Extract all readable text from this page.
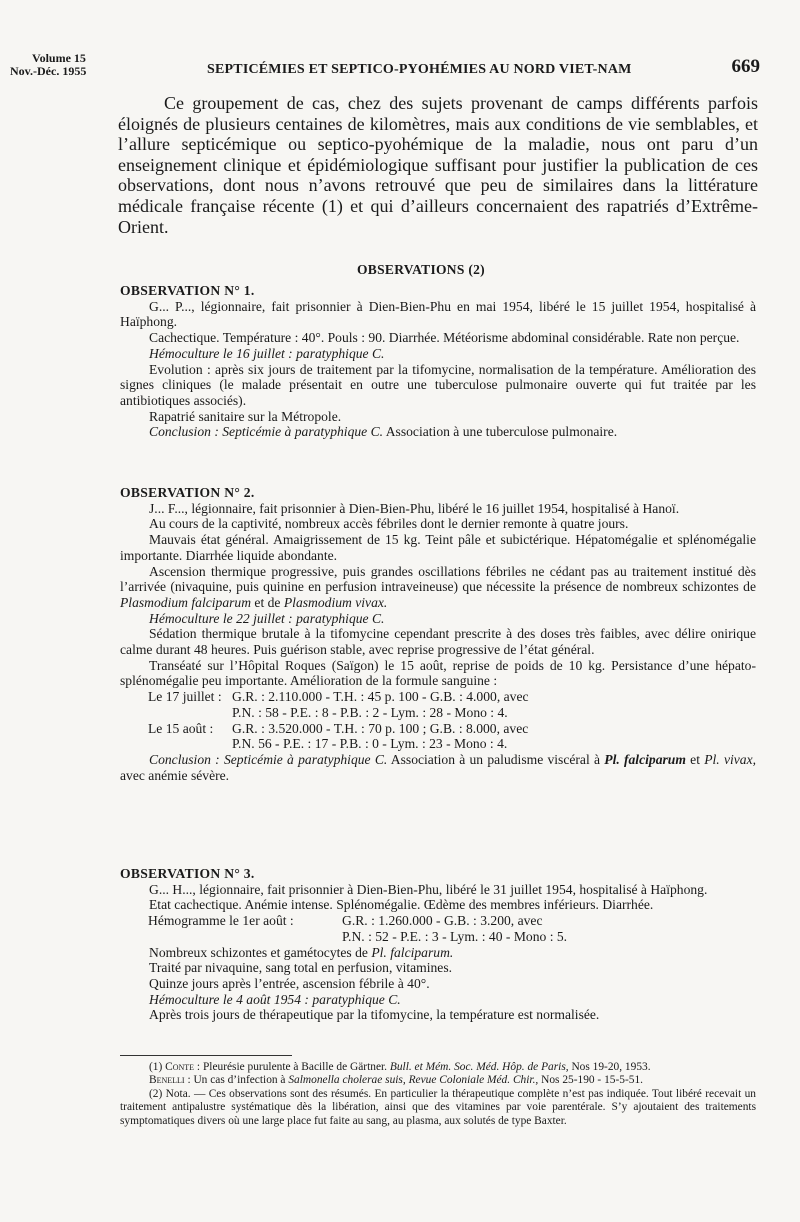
Volume 15
Nov.-Déc. 1955	SEPTICÉMIES ET SEPTICO-PYOHÉMIES AU NORD VIET-NAM	669

Ce groupement de cas, chez des sujets provenant de camps différents parfois éloignés de plusieurs centaines de kilomètres, mais aux conditions de vie semblables, et l’allure septicémique ou septico-pyohémique de la maladie, nous ont paru d’un enseignement clinique et épidémiologique suffisant pour justifier la publication de ces observations, dont nous n’avons retrouvé que peu de similaires dans la littérature médicale française récente (1) et qui d’ailleurs concernaient des rapatriés d’Extrême-Orient.

OBSERVATIONS (2)

OBSERVATION N° 1.

G... P..., légionnaire, fait prisonnier à Dien-Bien-Phu en mai 1954, libéré le 15 juillet 1954, hospitalisé à Haïphong.

Cachectique. Température : 40°. Pouls : 90. Diarrhée. Météorisme abdominal considérable. Rate non perçue.

Hémoculture le 16 juillet : paratyphique C.

Evolution : après six jours de traitement par la tifomycine, normalisation de la température. Amélioration des signes cliniques (le malade présentait en outre une tuberculose pulmonaire ouverte qui fut traitée par les antibiotiques associés).

Rapatrié sanitaire sur la Métropole.

Conclusion : Septicémie à paratyphique C. Association à une tuberculose pulmonaire.

OBSERVATION N° 2.

J... F..., légionnaire, fait prisonnier à Dien-Bien-Phu, libéré le 16 juillet 1954, hospitalisé à Hanoï.

Au cours de la captivité, nombreux accès fébriles dont le dernier remonte à quatre jours.

Mauvais état général. Amaigrissement de 15 kg. Teint pâle et subictérique. Hépatomégalie et splénomégalie importante. Diarrhée liquide abondante.

Ascension thermique progressive, puis grandes oscillations fébriles ne cédant pas au traitement institué dès l’arrivée (nivaquine, puis quinine en perfusion intraveineuse) que nécessite la présence de nombreux schizontes de Plasmodium falciparum et de Plasmodium vivax.

Hémoculture le 22 juillet : paratyphique C.

Sédation thermique brutale à la tifomycine cependant prescrite à des doses très faibles, avec délire onirique calme durant 48 heures. Puis guérison stable, avec reprise progressive de l’état général.

Transéaté sur l’Hôpital Roques (Saïgon) le 15 août, reprise de poids de 10 kg. Persistance d’une hépato-splénomégalie peu importante. Amélioration de la formule sanguine :

Le 17 juillet : G.R. : 2.110.000 - T.H. : 45 p. 100 - G.B. : 4.000, avec
P.N. : 58 - P.E. : 8 - P.B. : 2 - Lym. : 28 - Mono : 4.
Le 15 août :	G.R. : 3.520.000 - T.H. : 70 p. 100 ; G.B. : 8.000, avec
P.N. 56 - P.E. : 17 - P.B. : 0 - Lym. : 23 - Mono : 4.

Conclusion : Septicémie à paratyphique C. Association à un paludisme viscéral à Pl. falciparum et Pl. vivax, avec anémie sévère.

OBSERVATION N° 3.

G... H..., légionnaire, fait prisonnier à Dien-Bien-Phu, libéré le 31 juillet 1954, hospitalisé à Haïphong.

Etat cachectique. Anémie intense. Splénomégalie. Œdème des membres inférieurs. Diarrhée.

Hémogramme le 1er août :	G.R. : 1.260.000 - G.B. : 3.200, avec
P.N. : 52 - P.E. : 3 - Lym. : 40 - Mono : 5.

Nombreux schizontes et gamétocytes de Pl. falciparum.

Traité par nivaquine, sang total en perfusion, vitamines.

Quinze jours après l’entrée, ascension fébrile à 40°.

Hémoculture le 4 août 1954 : paratyphique C.

Après trois jours de thérapeutique par la tifomycine, la température est normalisée.

(1) Conte : Pleurésie purulente à Bacille de Gärtner. Bull. et Mém. Soc. Méd. Hôp. de Paris, Nos 19-20, 1953.

Benelli : Un cas d’infection à Salmonella cholerae suis, Revue Coloniale Méd. Chir., Nos 25-190 - 15-5-51.

(2) Nota. — Ces observations sont des résumés. En particulier la thérapeutique complète n’est pas indiquée. Tout libéré recevait un traitement antipalustre systématique dès la libération, ainsi que des vitamines par voie parentérale. S’y ajoutaient des traitements symptomatiques divers où une large place fut faite au sang, au plasma, aux solutés de type Baxter.
